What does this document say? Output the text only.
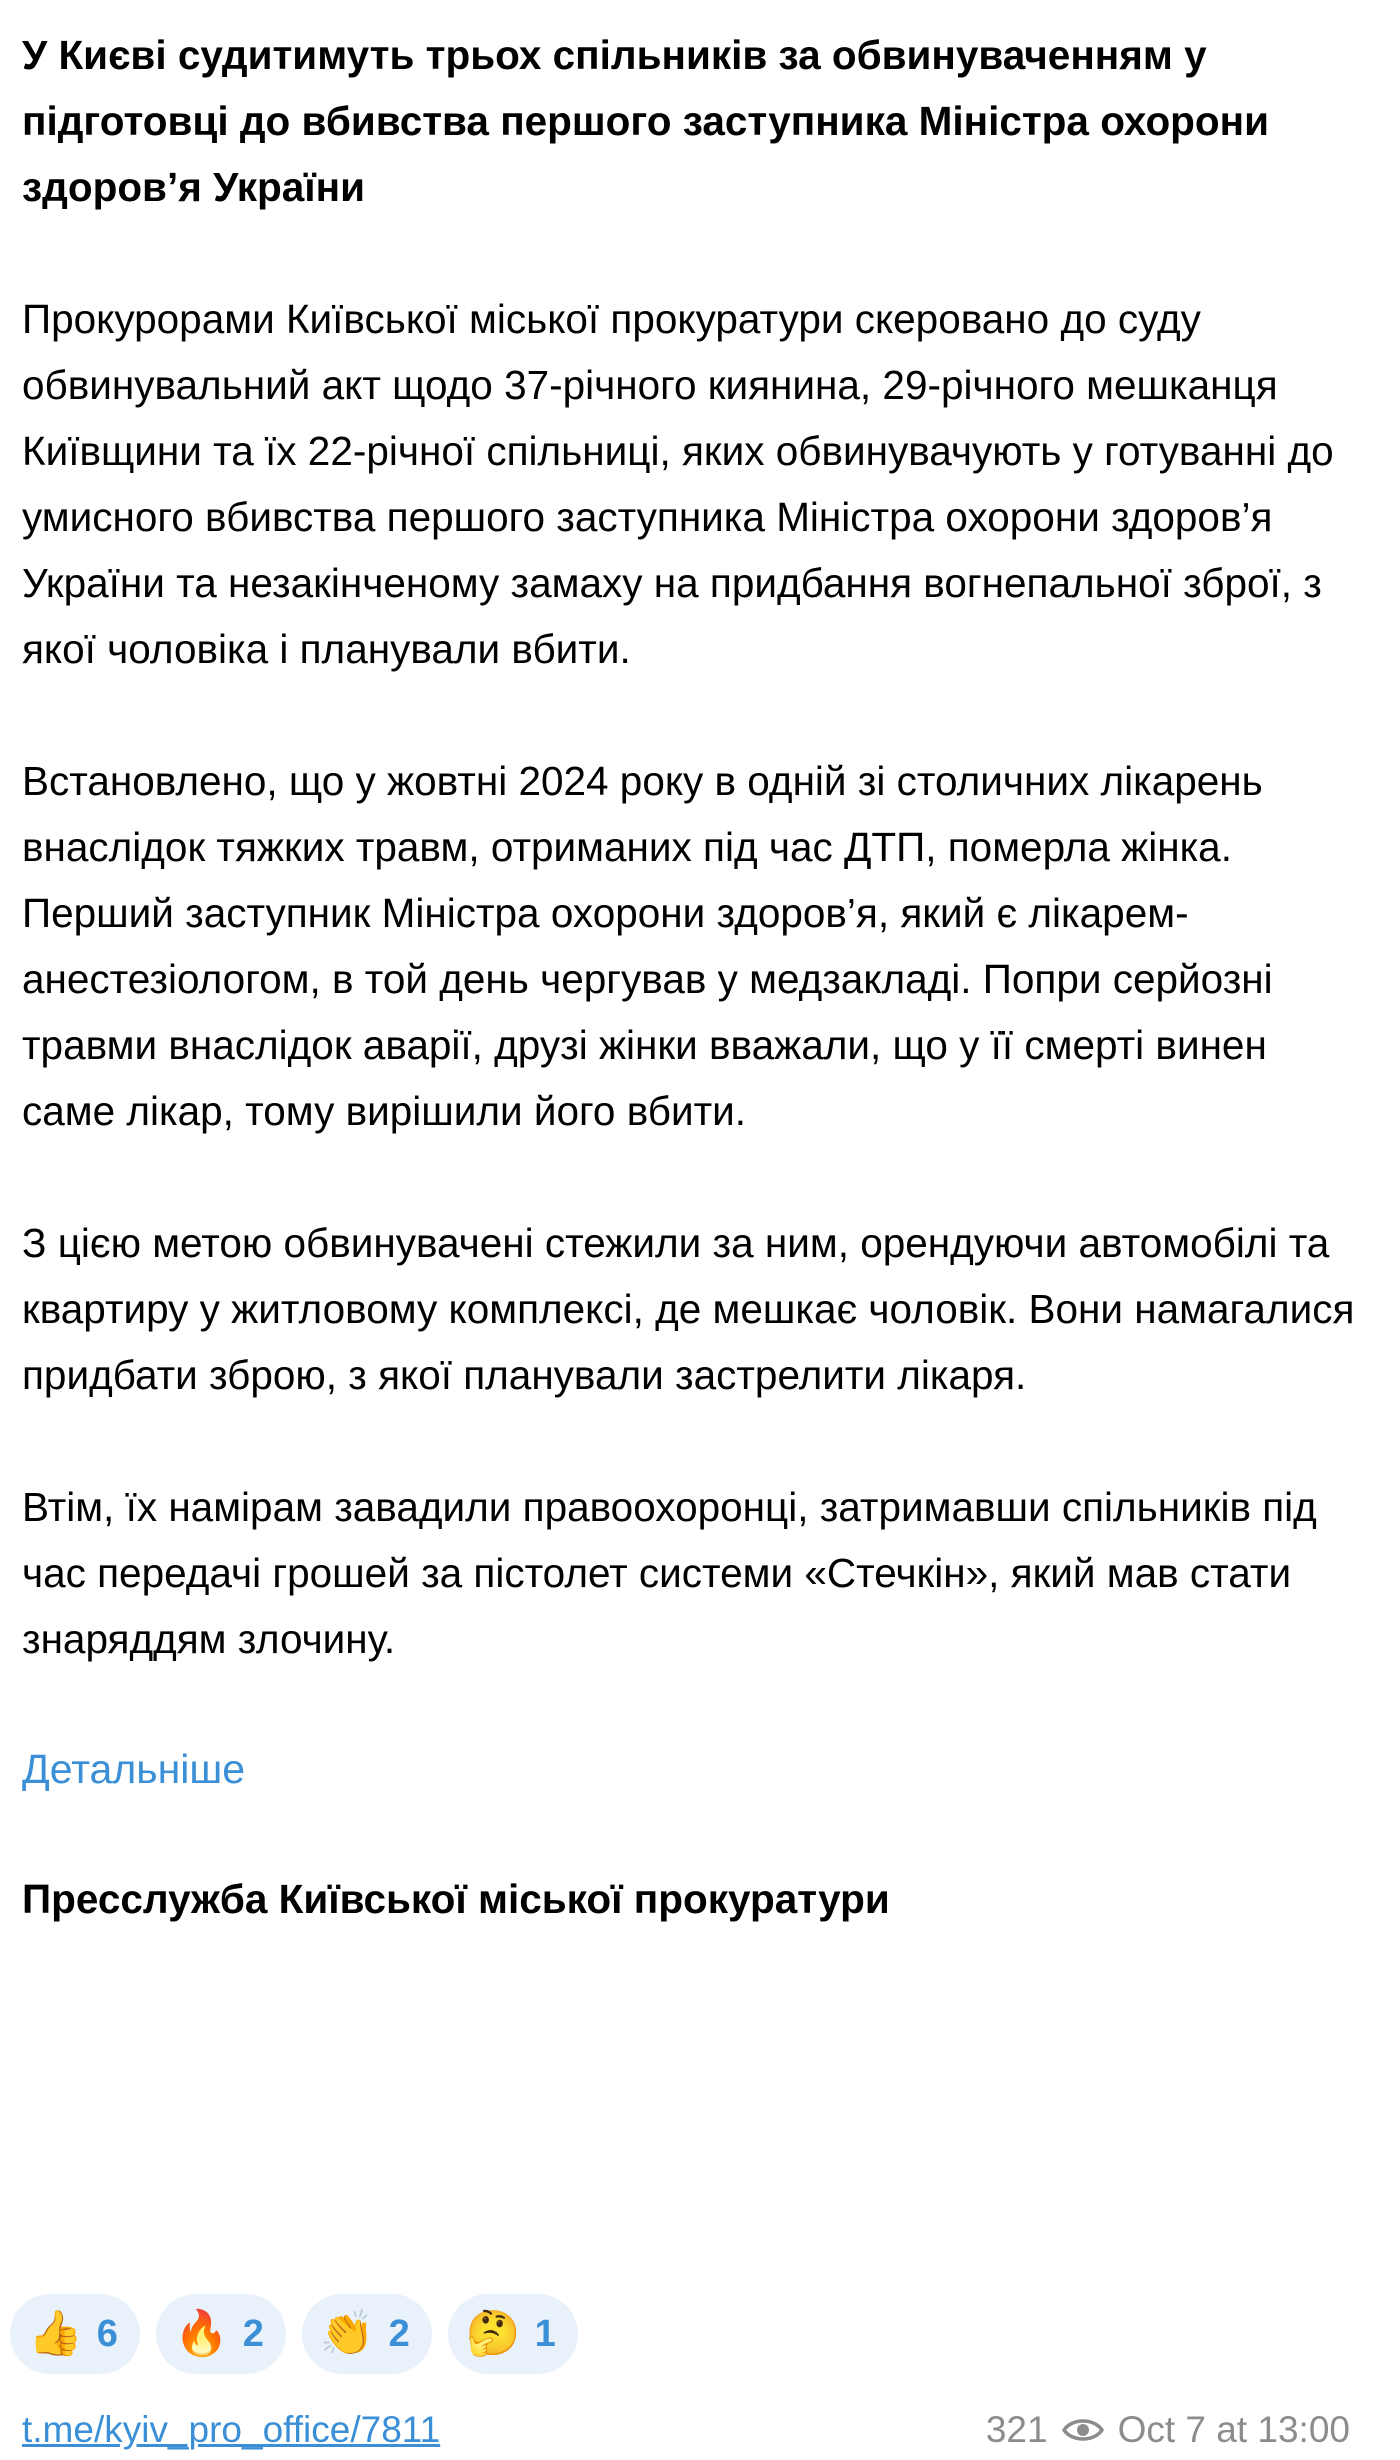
У Києві судитимуть трьох спільників за обвинуваченням у підготовці до вбивства першого заступника Міністра охорони здоров’я України

Прокурорами Київської міської прокуратури скеровано до суду обвинувальний акт щодо 37-річного киянина, 29-річного мешканця Київщини та їх 22-річної спільниці, яких обвинувачують у готуванні до умисного вбивства першого заступника Міністра охорони здоров’я України та незакінченому замаху на придбання вогнепальної зброї, з якої чоловіка і планували вбити.

Встановлено, що у жовтні 2024 року в одній зі столичних лікарень внаслідок тяжких травм, отриманих під час ДТП, померла жінка. Перший заступник Міністра охорони здоров’я, який є лікарем-анестезіологом, в той день чергував у медзакладі. Попри серйозні травми внаслідок аварії, друзі жінки вважали, що у її смерті винен саме лікар, тому вирішили його вбити.

З цією метою обвинувачені стежили за ним, орендуючи автомобілі та квартиру у житловому комплексі, де мешкає чоловік. Вони намагалися придбати зброю, з якої планували застрелити лікаря.

Втім, їх намірам завадили правоохоронці, затримавши спільників під час передачі грошей за пістолет системи «Стечкін», який мав стати знаряддям злочину.

Детальніше

Пресслужба Київської міської прокуратури

👍 6 🔥 2 👏 2 🤔 1
t.me/kyiv_pro_office/7811	321 Oct 7 at 13:00
